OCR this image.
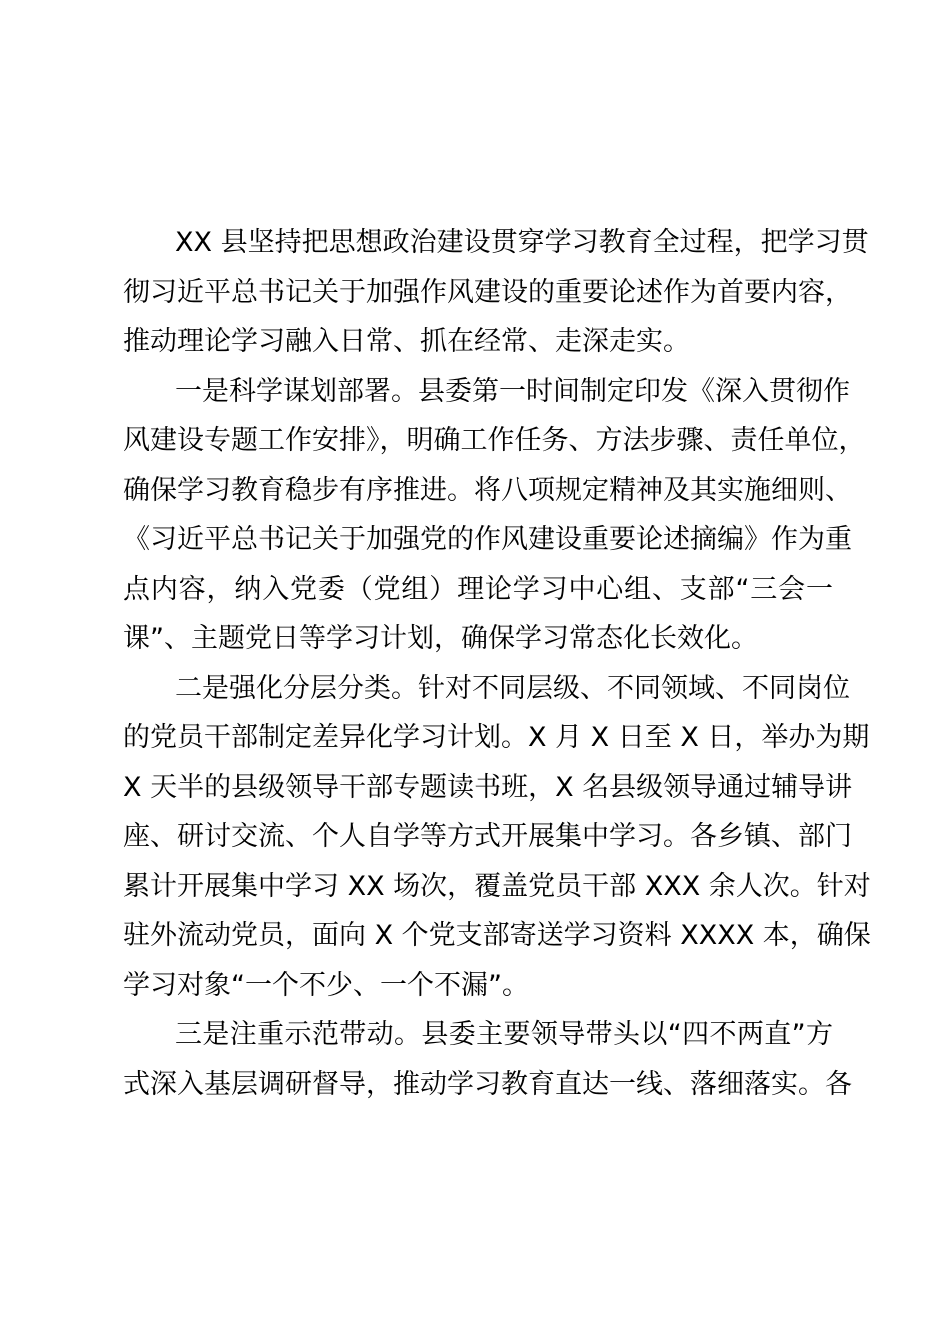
XX 县坚持把思想政治建设贯穿学习教育全过程，把学习贯
彻习近平总书记关于加强作风建设的重要论述作为首要内容，
推动理论学习融入日常、抓在经常、走深走实。
一是科学谋划部署。县委第一时间制定印发《深入贯彻作
风建设专题工作安排》，明确工作任务、方法步骤、责任单位，
确保学习教育稳步有序推进。将八项规定精神及其实施细则、
《习近平总书记关于加强党的作风建设重要论述摘编》作为重
点内容，纳入党委（党组）理论学习中心组、支部“三会一
课”、主题党日等学习计划，确保学习常态化长效化。
二是强化分层分类。针对不同层级、不同领域、不同岗位
的党员干部制定差异化学习计划。X 月 X 日至 X 日，举办为期
X 天半的县级领导干部专题读书班，X 名县级领导通过辅导讲
座、研讨交流、个人自学等方式开展集中学习。各乡镇、部门
累计开展集中学习 XX 场次，覆盖党员干部 XXX 余人次。针对
驻外流动党员，面向 X 个党支部寄送学习资料 XXXX 本，确保
学习对象“一个不少、一个不漏”。
三是注重示范带动。县委主要领导带头以“四不两直”方
式深入基层调研督导，推动学习教育直达一线、落细落实。各
